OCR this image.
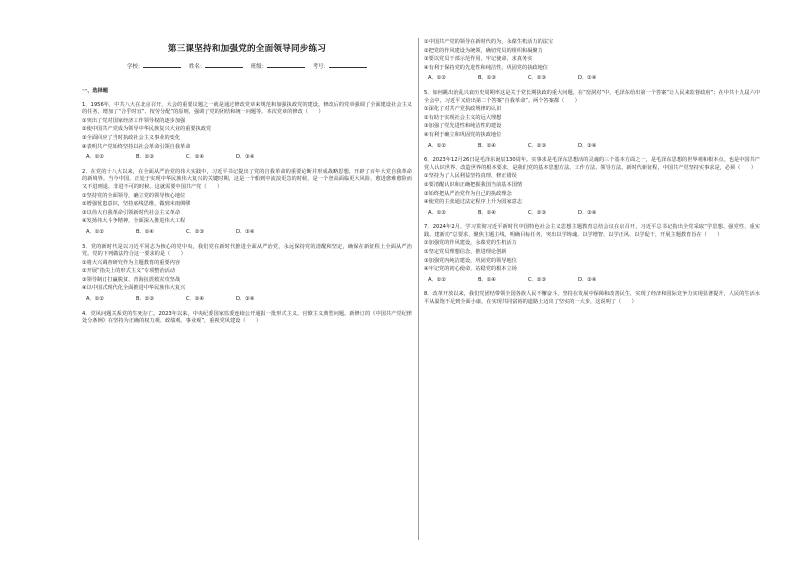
第三课坚持和加强党的全面领导同步练习
学校：	姓名：	班级：	考号：
一、选择题

1．1956年，中共八大在北京召开，大会的重要议题之一就是通过修改党章来规范和加强执政党的建设。修改后的党章强调了全面建设社会主义的任务，增加了“合乎时宜”、按劳分配”的原则，强调了党的团结和统一问题等。本次党章的修改（　　）

①突出了党对国家经济工作领导权的逐步加强
②使中国共产党成为领导中华民族复兴大业的重要执政党
③全面回应了当时执政社会主义事业的变化
④表明共产党始终坚持以社会革命引领自我革命
A．①②	B．①③	C．②④	D．③④

2．在党的十八大以来，在全面从严治党的伟大实践中，习近平书记提出了党的自我革命的重要论断并形成战略思想，开辟了百年大党自我革命的新境界。当今中国，正处于实现中华民族伟大复兴的关键时期，这是一个船到中流浪更急的时候，是一个登高面临更大风险、愈进愈难愈险而又不进则退、非进不可的时候。这就需要中国共产党（　　）

①坚持党的全面领导，确立党的领导核心地位
②增强忧患意识，坚持底线思维，做到未雨绸缪
③以伟大自我革命引领新时代社会主义革命
④发扬伟大斗争精神，全面深入推进伟大工程
A．①②	B．①④	C．②③	D．③④

3．党的新时代是以习近平同志为核心的党中央，我们党在新时代推进全面从严治党，永远保持党的清醒和坚定，确保在新征程上全面从严治党。党的下列做法符合这一要求的是（　　）

①将大兴调查研究作为主题教育的重要内容
②开展“指尖上的形式主义”专项整治活动
③领导制订打赢脱贫、青海抗震救灾攻坚战
④以中国式现代化全面推进中华民族伟大复兴
A．①②	B．①③	C．②④	D．③④

4．党风问题关系党的生死存亡。2023年以来，中央纪委国家监委连续公开通报一批形式主义、官僚主义典型问题。新修订的《中国共产党纪律处分条例》在坚持为正确的权力观、政绩观、事业观”，重视党风建设（　　）

①中国共产党的领导在新时代的为，永葆生机活力的法宝
②把党的作风建设为统领，确切党员的组织和凝聚力
③要以党员干部示范作用，牢记使命、求真务实
④有利于保持党的先进性和纯洁性，巩固党的执政地位
A．①②	B．①③	C．②③	D．②④

5．如何跳出治乱兴衰历史周期率这是关于党长期执政的重大问题。在“窑洞对”中，毛泽东给出第一个答案“让人民来监督政府”；在中共十九届六中全会中，习近平又给出第二个答案“自我革命”。两个答案都（　　）

①深化了对共产党执政规律的认识
②有助于实现社会主义的远大理想
③加强了党先进性和纯洁性的建设
④有利于确立和巩固党的执政地位
A．①②	B．①④	C．②③	D．③④

6．2023年12月26日是毛泽东诞辰130周年。实事求是毛泽东思想活的灵魂的三个基本方面之一，是毛泽东思想的世界观和根本点。也是中国共产党人认识世界、改造世界的根本要求，是我们党的基本思想方法、工作方法、领导方法。新时代新征程，中国共产党坚持实事求是，必须（　　）

①坚持为了人民利益坚持真理、修正错误
②要清醒认识和正确把握我国当前基本国情
③始终把从严治党作为自己的执政理念
④使党的主张通过法定程序上升为国家意志
A．①②	B．①④	C．②③	D．③④

7．2024年2月，学习贯彻习近平新时代中国特色社会主义思想主题教育总结会议在京召开，习近平总书记指出全党采取“学思想、强党性、重实践、建新功”总要求，聚焦主题主线，明确目标任务，突出以学铸魂、以学增智、以学正风、以学促干，开展主题教育旨在（　　）

①加强党的作风建设，永葆党的生机活力
②坚定党员理想信念，推进理论创新
③加强党内纯洁建设，巩固党的领导地位
④牢记党的初心使命，站稳党的根本立场
A．①②	B．①④	C．②③	D．③④

8．改革开放以来，我们党团结带领全国各族人民不懈奋斗，坚持在发展中保障和改善民生，实现了经济和国际竞争力实现显著提升，人民的生活水平从温饱不足到全面小康，在实现共同富裕的道路上迈出了坚实的一大步，这说明了（　　）
